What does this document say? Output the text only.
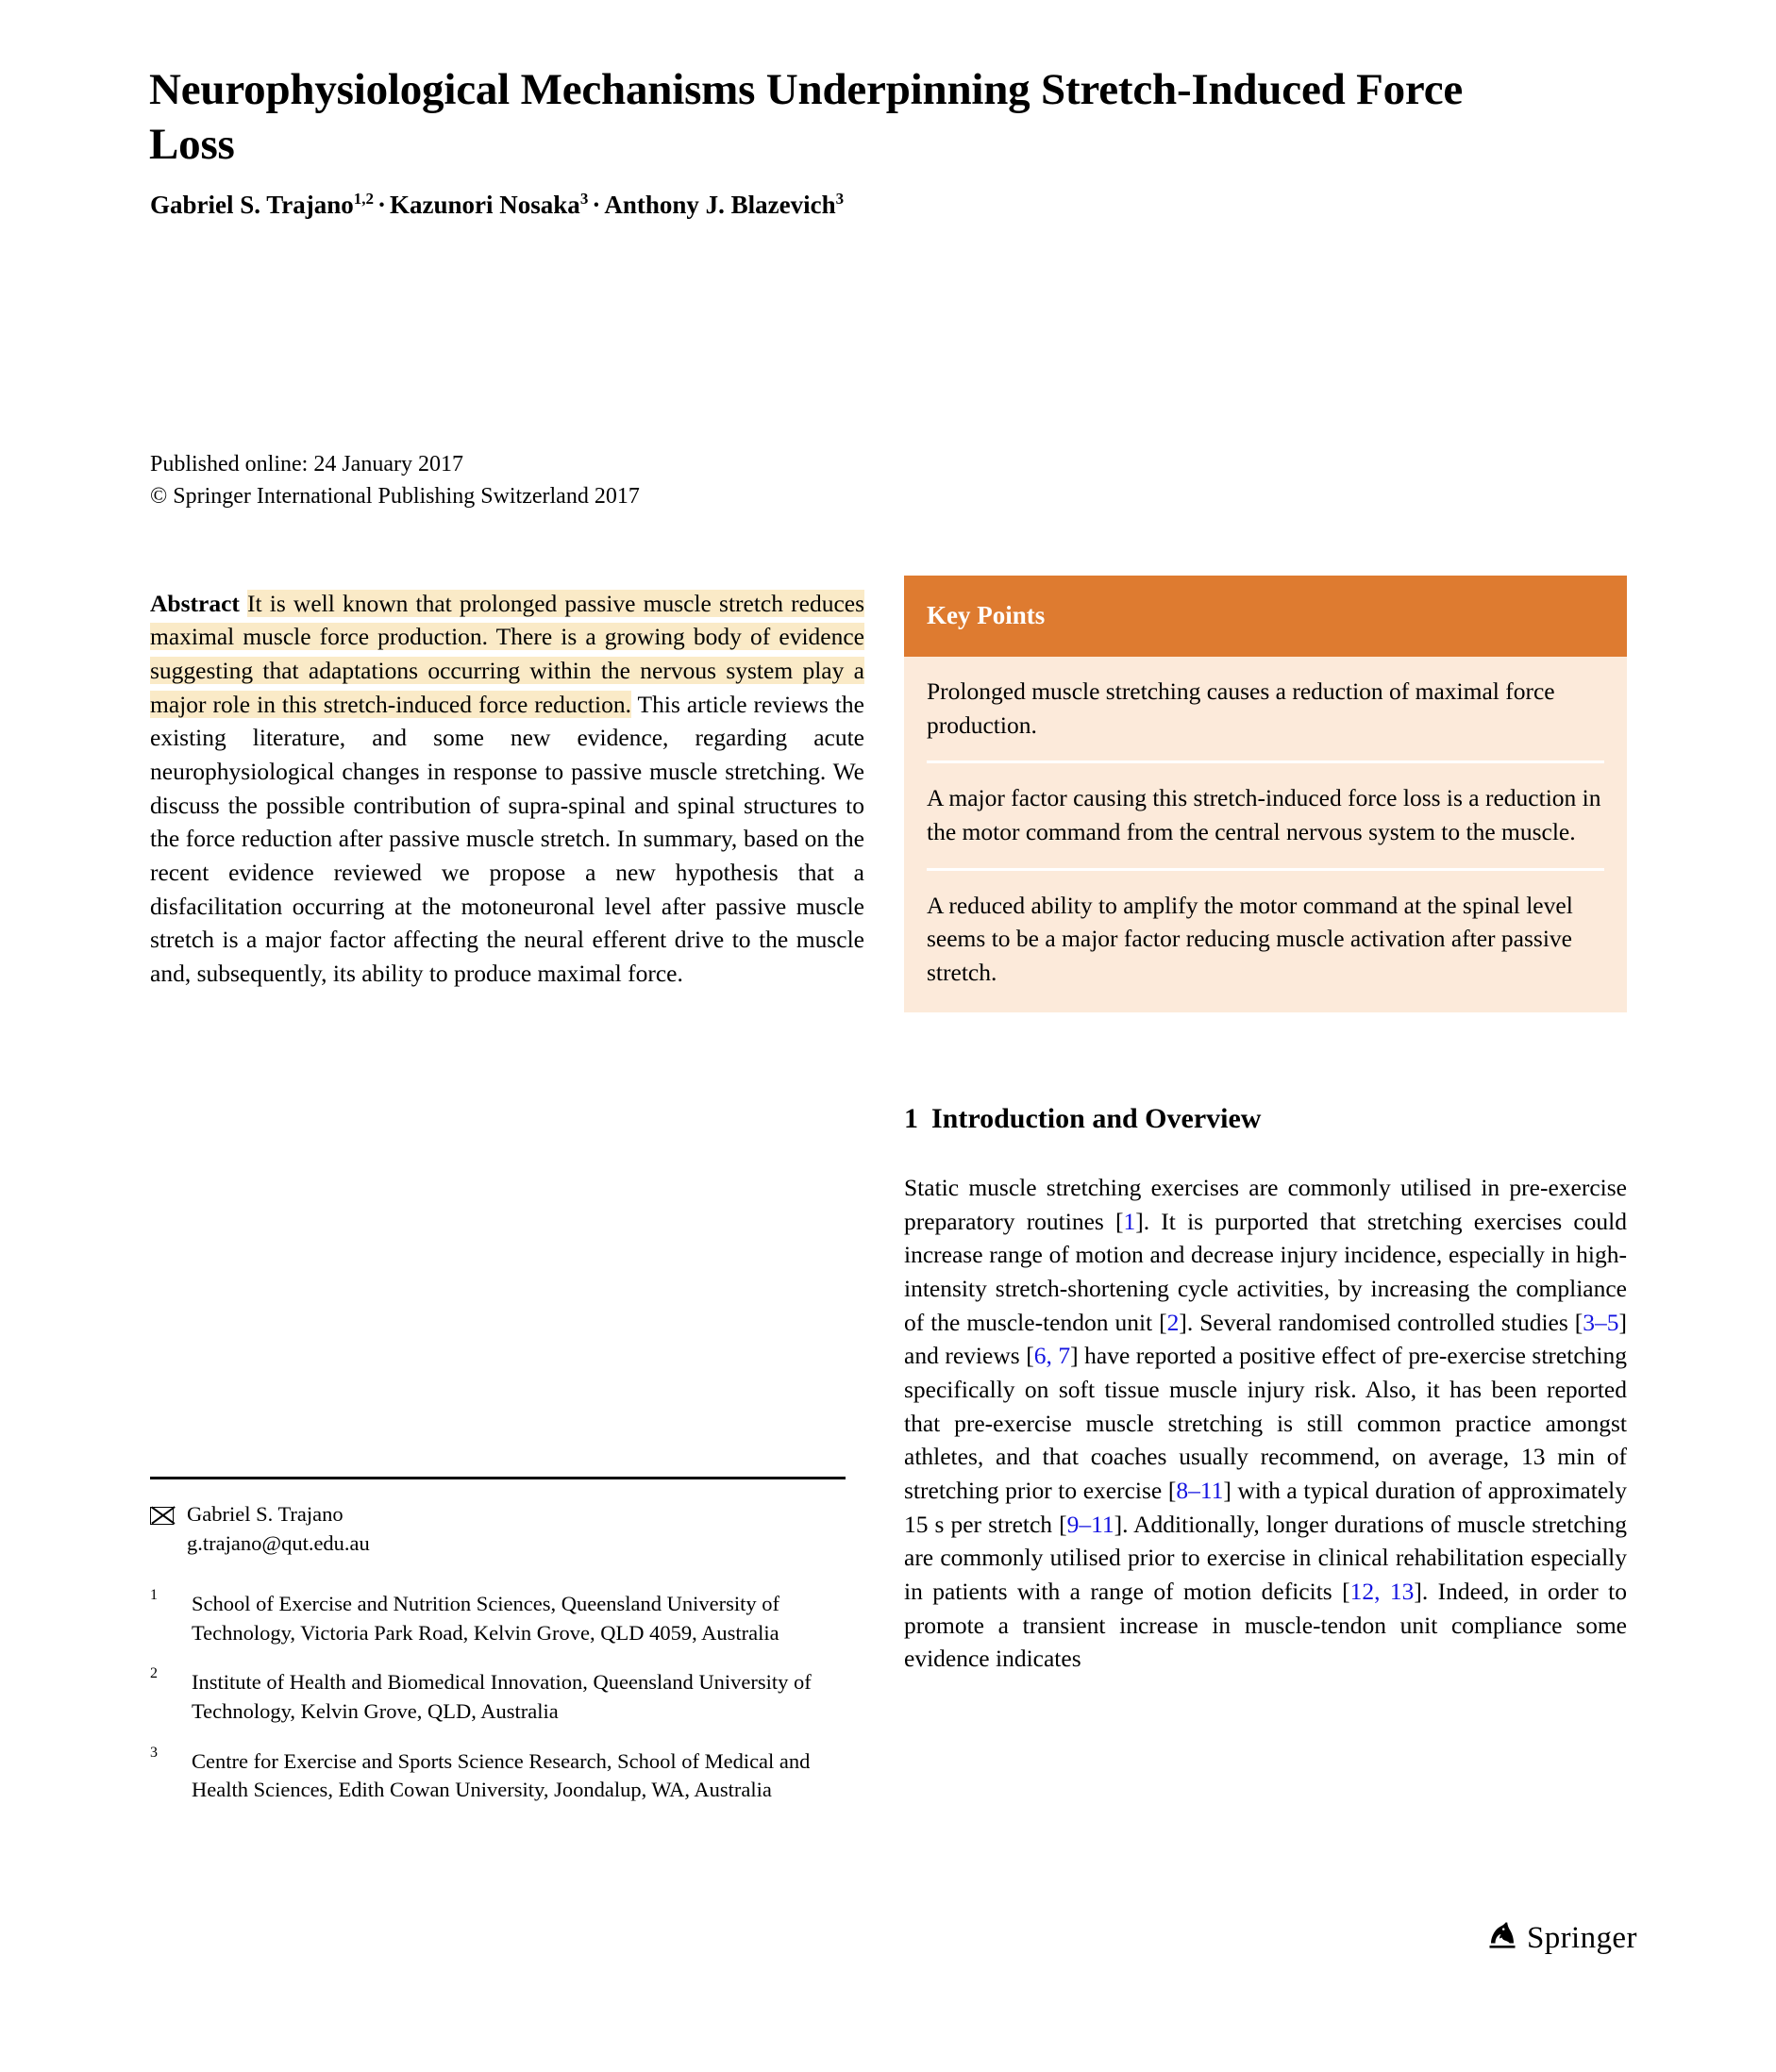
Neurophysiological Mechanisms Underpinning Stretch-Induced Force Loss
Gabriel S. Trajano$^{1,2}$ · Kazunori Nosaka$^3$ · Anthony J. Blazevich$^3$
Published online: 24 January 2017
© Springer International Publishing Switzerland 2017

Abstract It is well known that prolonged passive muscle stretch reduces maximal muscle force production. There is a growing body of evidence suggesting that adaptations occurring within the nervous system play a major role in this stretch-induced force reduction. This article reviews the existing literature, and some new evidence, regarding acute neurophysiological changes in response to passive muscle stretching. We discuss the possible contribution of supra-spinal and spinal structures to the force reduction after passive muscle stretch. In summary, based on the recent evidence reviewed we propose a new hypothesis that a disfacilitation occurring at the motoneuronal level after passive muscle stretch is a major factor affecting the neural efferent drive to the muscle and, subsequently, its ability to produce maximal force.

Gabriel S. Trajano
g.trajano@qut.edu.au
1	School of Exercise and Nutrition Sciences, Queensland University of Technology, Victoria Park Road, Kelvin Grove, QLD 4059, Australia
2	Institute of Health and Biomedical Innovation, Queensland University of Technology, Kelvin Grove, QLD, Australia
3	Centre for Exercise and Sports Science Research, School of Medical and Health Sciences, Edith Cowan University, Joondalup, WA, Australia
Key Points
Prolonged muscle stretching causes a reduction of maximal force production.
A major factor causing this stretch-induced force loss is a reduction in the motor command from the central nervous system to the muscle.
A reduced ability to amplify the motor command at the spinal level seems to be a major factor reducing muscle activation after passive stretch.
1 Introduction and Overview

Static muscle stretching exercises are commonly utilised in pre-exercise preparatory routines [1]. It is purported that stretching exercises could increase range of motion and decrease injury incidence, especially in high-intensity stretch-shortening cycle activities, by increasing the compliance of the muscle-tendon unit [2]. Several randomised controlled studies [3–5] and reviews [6, 7] have reported a positive effect of pre-exercise stretching specifically on soft tissue muscle injury risk. Also, it has been reported that pre-exercise muscle stretching is still common practice amongst athletes, and that coaches usually recommend, on average, 13 min of stretching prior to exercise [8–11] with a typical duration of approximately 15 s per stretch [9–11]. Additionally, longer durations of muscle stretching are commonly utilised prior to exercise in clinical rehabilitation especially in patients with a range of motion deficits [12, 13]. Indeed, in order to promote a transient increase in muscle-tendon unit compliance some evidence indicates

Springer
